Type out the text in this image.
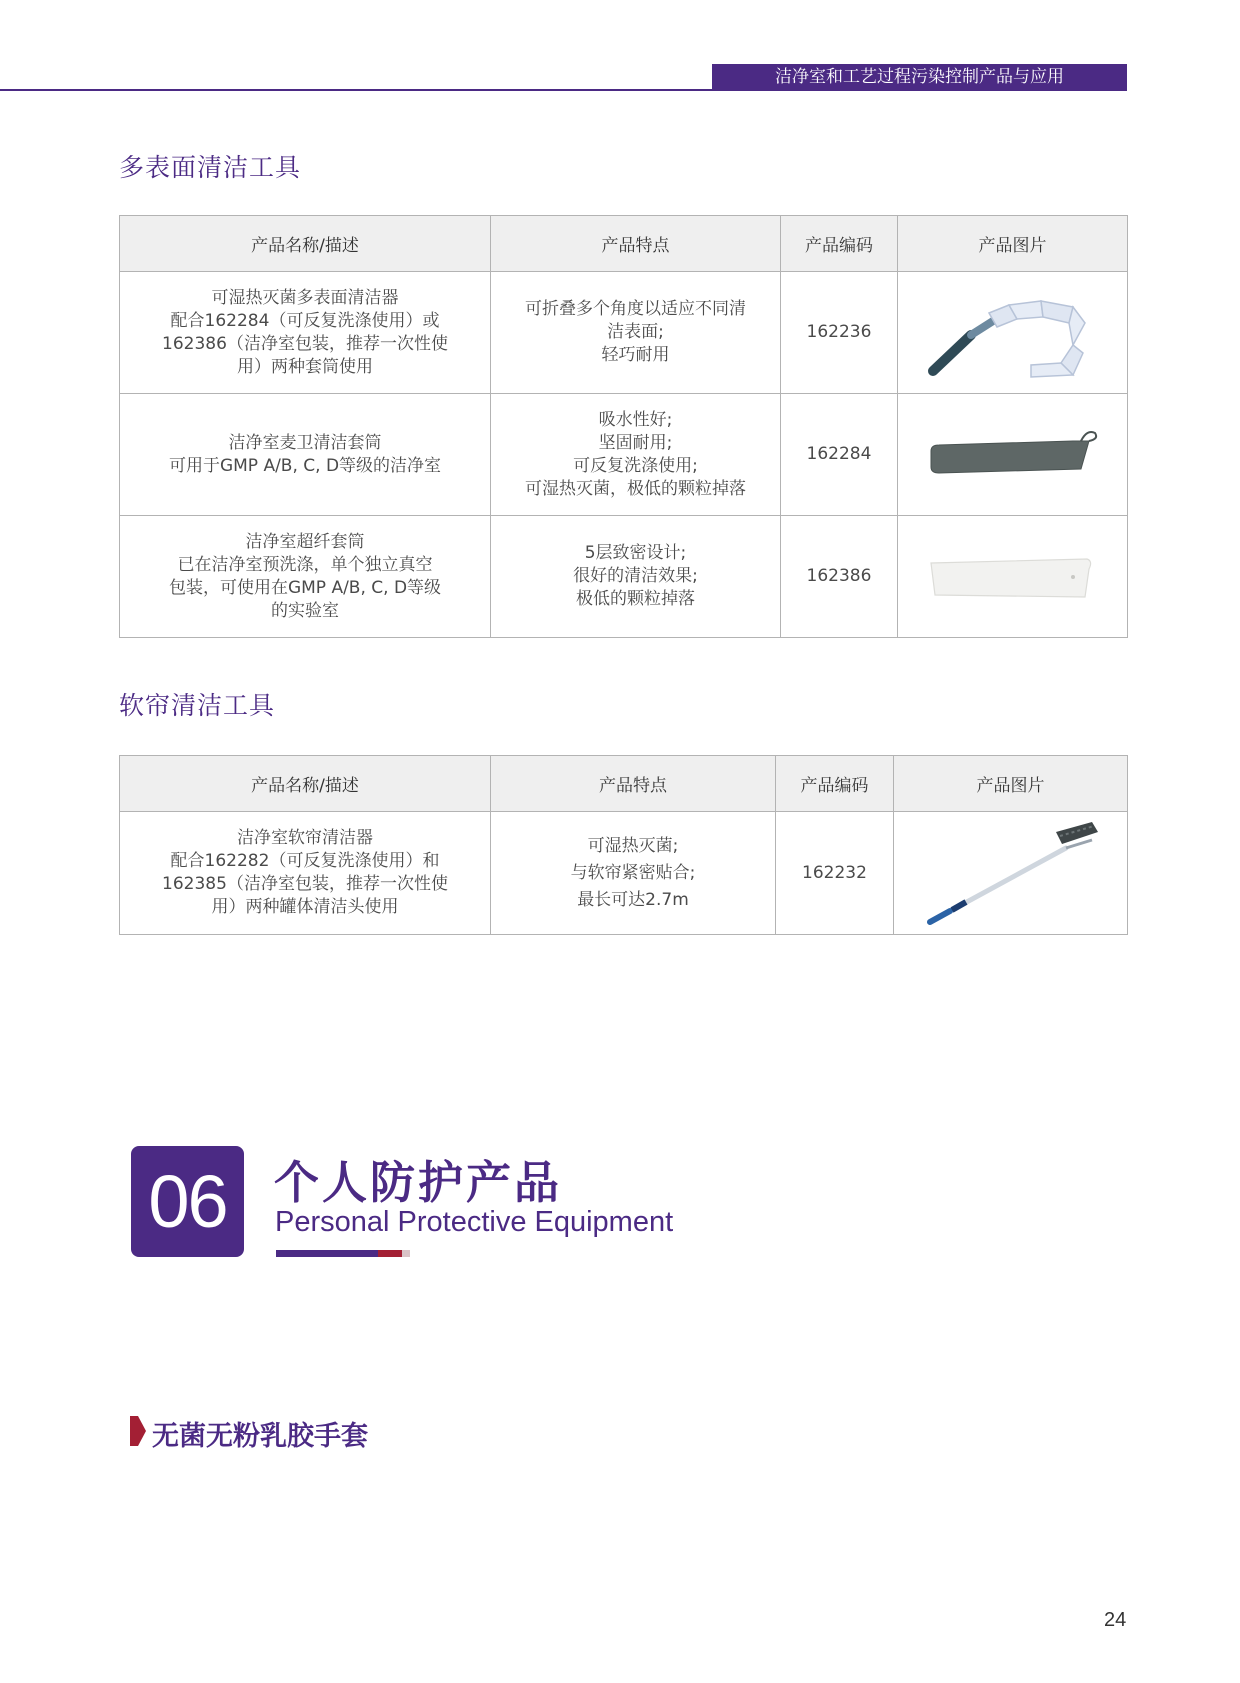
洁净室和工艺过程污染控制产品与应用
多表面清洁工具
产品名称/描述	产品特点	产品编码	产品图片

可湿热灭菌多表面清洁器
配合162284（可反复洗涤使用）或
162386（洁净室包装，推荐一次性使
用）两种套筒使用	可折叠多个角度以适应不同清
洁表面;
轻巧耐用	162236	

洁净室麦卫清洁套筒
可用于GMP A/B, C, D等级的洁净室	吸水性好;
坚固耐用;
可反复洗涤使用;
可湿热灭菌，极低的颗粒掉落	162284	

洁净室超纤套筒
已在洁净室预洗涤，单个独立真空
包装，可使用在GMP A/B, C, D等级
的实验室	5层致密设计;
很好的清洁效果;
极低的颗粒掉落	162386	
软帘清洁工具
产品名称/描述	产品特点	产品编码	产品图片

洁净室软帘清洁器
配合162282（可反复洗涤使用）和
162385（洁净室包装，推荐一次性使
用）两种罐体清洁头使用	可湿热灭菌;
与软帘紧密贴合;
最长可达2.7m	162232	
06	个人防护产品
Personal Protective Equipment
无菌无粉乳胶手套
24
